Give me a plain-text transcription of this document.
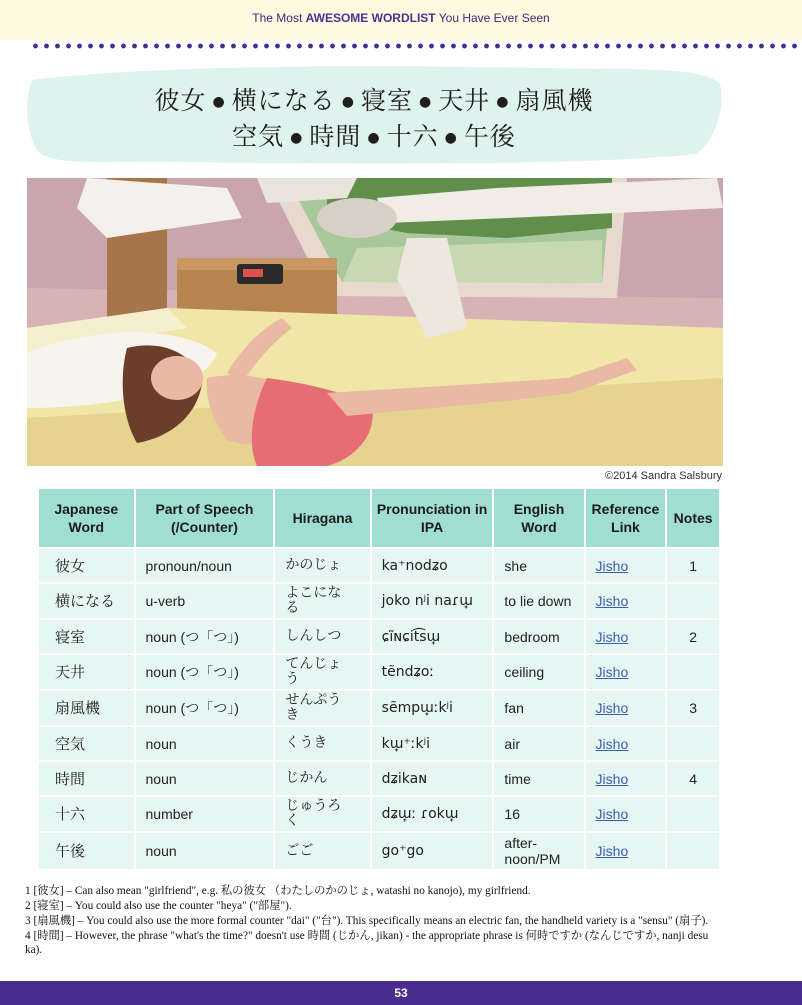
The Most AWESOME WORDLIST You Have Ever Seen
彼女 ● 横になる ● 寝室 ● 天井 ● 扇風機
空気 ● 時間 ● 十六 ● 午後
©2014 Sandra Salsbury
Japanese Word	Part of Speech (/Counter)	Hiragana	Pronunciation in IPA	English Word	Reference Link	Notes
彼女	pronoun/noun	かのじょ	ka⁺nodʑo	she	Jisho	1
横になる	u-verb	よこにな る	joko nʲi naɾɯ̟	to lie down	Jisho	
寝室	noun (つ「つ」)	しんしつ	ɕĩɴɕit͡sɯ̟	bedroom	Jisho	2
天井	noun (つ「つ」)	てんじょ う	tẽndʑoː	ceiling	Jisho	
扇風機	noun (つ「つ」)	せんぷう き	sẽmpɯ̟ːkʲi	fan	Jisho	3
空気	noun	くうき	kɯ̟⁺ːkʲi	air	Jisho	
時間	noun	じかん	dʑikaɴ	time	Jisho	4
十六	number	じゅうろ く	dʑɯ̟ː ɾokɯ̟	16	Jisho	
午後	noun	ごご	go⁺go	after-noon/PM	Jisho	

1 [彼女] – Can also mean "girlfriend", e.g. 私の彼女 （わたしのかのじょ, watashi no kanojo), my girlfriend.

2 [寝室] – You could also use the counter "heya" ("部屋").

3 [扇風機] – You could also use the more formal counter "dai" ("台"). This specifically means an electric fan, the handheld variety is a "sensu" (扇子).

4 [時間] – However, the phrase "what's the time?" doesn't use 時間 (じかん, jikan) - the appropriate phrase is 何時ですか (なんじですか, nanji desu ka).

53
